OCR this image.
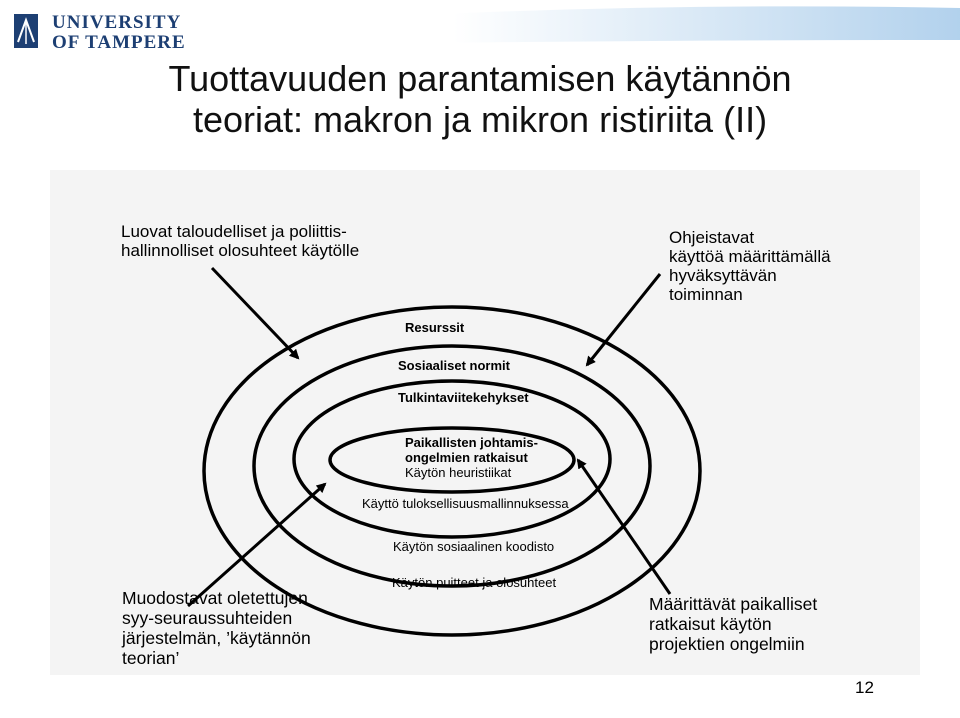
UNIVERSITY
OF TAMPERE
Tuottavuuden parantamisen käytännön
teoriat: makron ja mikron ristiriita (II)
Luovat taloudelliset ja poliittis-
hallinnolliset olosuhteet käytölle
Ohjeistavat
käyttöä määrittämällä
hyväksyttävän
toiminnan
Muodostavat oletettujen
syy-seuraussuhteiden
järjestelmän, ’käytännön
teorian’
Määrittävät paikalliset
ratkaisut käytön
projektien ongelmiin
Resurssit
Sosiaaliset normit
Tulkintaviitekehykset
Paikallisten johtamis-
ongelmien ratkaisut
Käytön heuristiikat
Käyttö tuloksellisuusmallinnuksessa
Käytön sosiaalinen koodisto
Käytön puitteet ja olosuhteet
12
